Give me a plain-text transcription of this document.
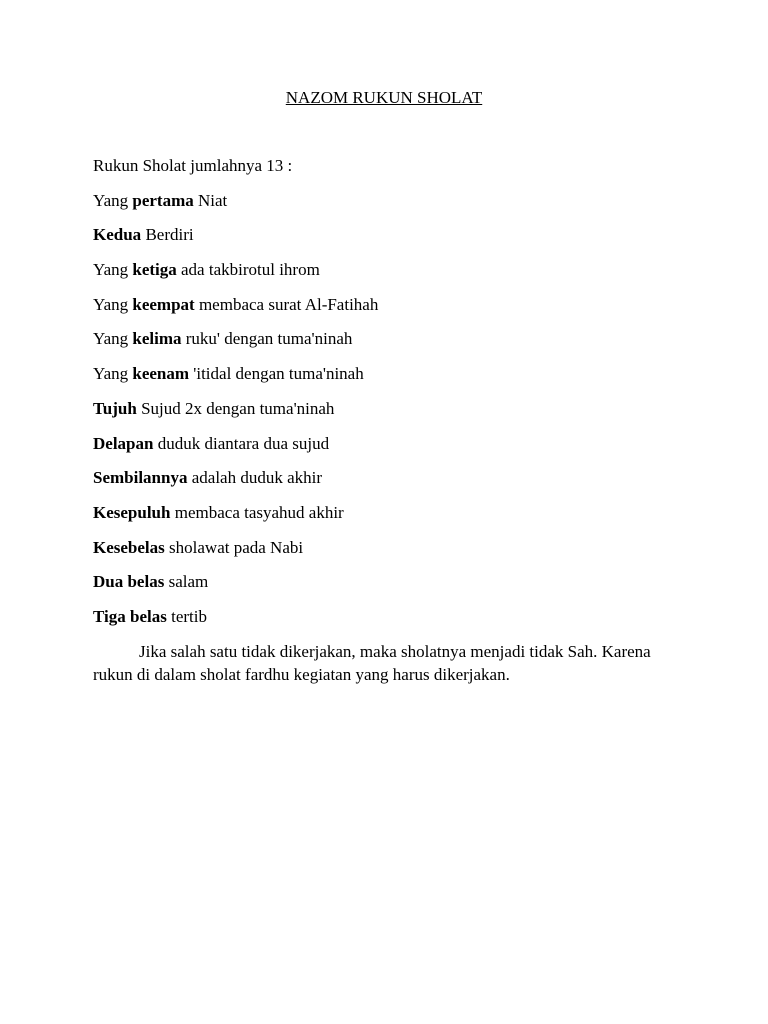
NAZOM RUKUN SHOLAT
Rukun Sholat jumlahnya 13 :
Yang pertama Niat
Kedua Berdiri
Yang ketiga ada takbirotul ihrom
Yang keempat membaca surat Al-Fatihah
Yang kelima ruku' dengan tuma'ninah
Yang keenam 'itidal dengan tuma'ninah
Tujuh Sujud 2x dengan tuma'ninah
Delapan duduk diantara dua sujud
Sembilannya adalah duduk akhir
Kesepuluh membaca tasyahud akhir
Kesebelas sholawat pada Nabi
Dua belas salam
Tiga belas tertib
Jika salah satu tidak dikerjakan, maka sholatnya menjadi tidak Sah. Karena rukun di dalam sholat fardhu kegiatan yang harus dikerjakan.
